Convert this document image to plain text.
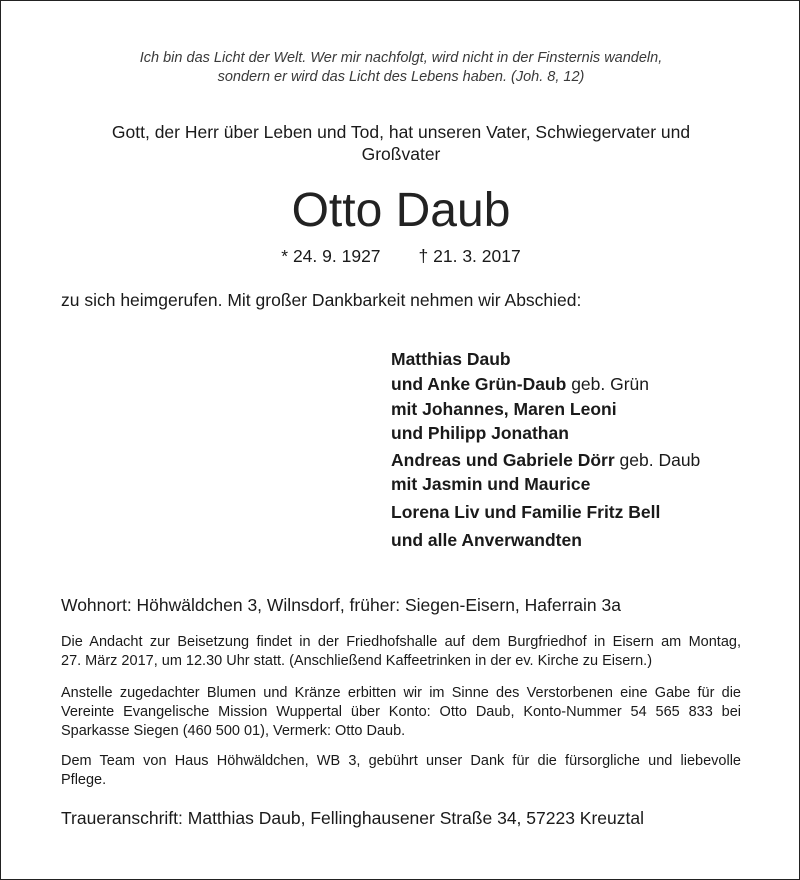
Ich bin das Licht der Welt. Wer mir nachfolgt, wird nicht in der Finsternis wandeln,
sondern er wird das Licht des Lebens haben. (Joh. 8, 12)
Gott, der Herr über Leben und Tod, hat unseren Vater, Schwiegervater und
Großvater
Otto Daub
* 24. 9. 1927 † 21. 3. 2017
zu sich heimgerufen. Mit großer Dankbarkeit nehmen wir Abschied:
Matthias Daub
und Anke Grün-Daub geb. Grün
mit Johannes, Maren Leoni
und Philipp Jonathan
Andreas und Gabriele Dörr geb. Daub
mit Jasmin und Maurice
Lorena Liv und Familie Fritz Bell
und alle Anverwandten
Wohnort: Höhwäldchen 3, Wilnsdorf, früher: Siegen-Eisern, Haferrain 3a
Die Andacht zur Beisetzung findet in der Friedhofshalle auf dem Burgfriedhof in Eisern am Montag,
27. März 2017, um 12.30 Uhr statt. (Anschließend Kaffeetrinken in der ev. Kirche zu Eisern.)
Anstelle zugedachter Blumen und Kränze erbitten wir im Sinne des Verstorbenen eine Gabe für die
Vereinte Evangelische Mission Wuppertal über Konto: Otto Daub, Konto-Nummer 54 565 833 bei
Sparkasse Siegen (460 500 01), Vermerk: Otto Daub.
Dem Team von Haus Höhwäldchen, WB 3, gebührt unser Dank für die fürsorgliche und liebevolle
Pflege.
Traueranschrift: Matthias Daub, Fellinghausener Straße 34, 57223 Kreuztal
